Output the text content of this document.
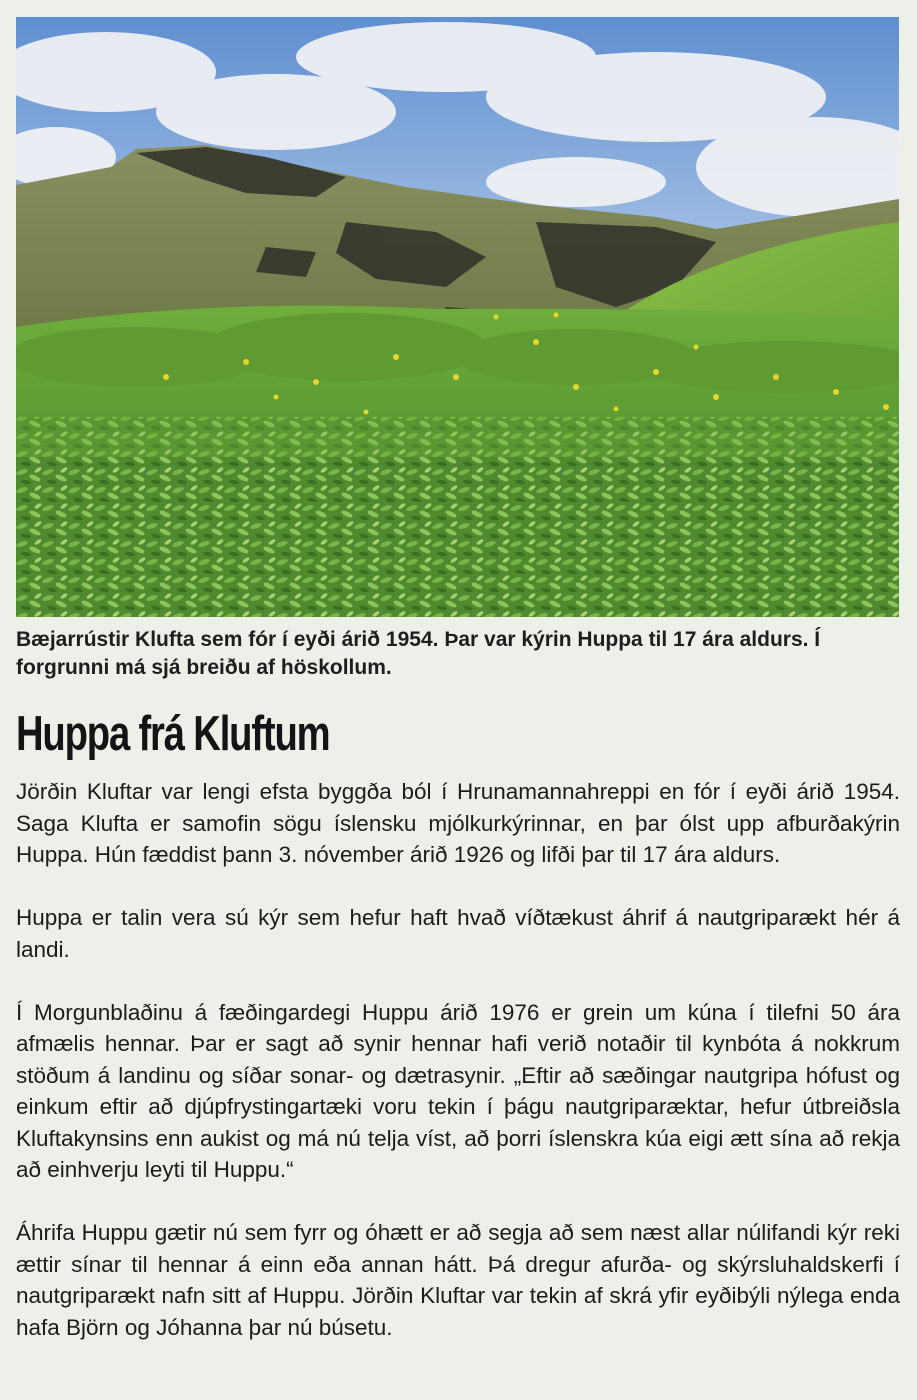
Bæjarrústir Klufta sem fór í eyði árið 1954. Þar var kýrin Huppa til 17 ára aldurs. Í forgrunni má sjá breiðu af höskollum.
Huppa frá Kluftum

Jörðin Kluftar var lengi efsta byggða ból í Hrunamannahreppi en fór í eyði árið 1954. Saga Klufta er samofin sögu íslensku mjólkurkýrinnar, en þar ólst upp afburðakýrin Huppa. Hún fæddist þann 3. nóvember árið 1926 og lifði þar til 17 ára aldurs.

Huppa er talin vera sú kýr sem hefur haft hvað víðtækust áhrif á nautgriparækt hér á landi.

Í Morgunblaðinu á fæðingardegi Huppu árið 1976 er grein um kúna í tilefni 50 ára afmælis hennar. Þar er sagt að synir hennar hafi verið notaðir til kynbóta á nokkrum stöðum á landinu og síðar sonar- og dætrasynir. „Eftir að sæðingar nautgripa hófust og einkum eftir að djúpfrystingartæki voru tekin í þágu nautgriparæktar, hefur útbreiðsla Kluftakynsins enn aukist og má nú telja víst, að þorri íslenskra kúa eigi ætt sína að rekja að einhverju leyti til Huppu.“

Áhrifa Huppu gætir nú sem fyrr og óhætt er að segja að sem næst allar núlifandi kýr reki ættir sínar til hennar á einn eða annan hátt. Þá dregur afurða- og skýrsluhaldskerfi í nautgriparækt nafn sitt af Huppu. Jörðin Kluftar var tekin af skrá yfir eyðibýli nýlega enda hafa Björn og Jóhanna þar nú búsetu.
